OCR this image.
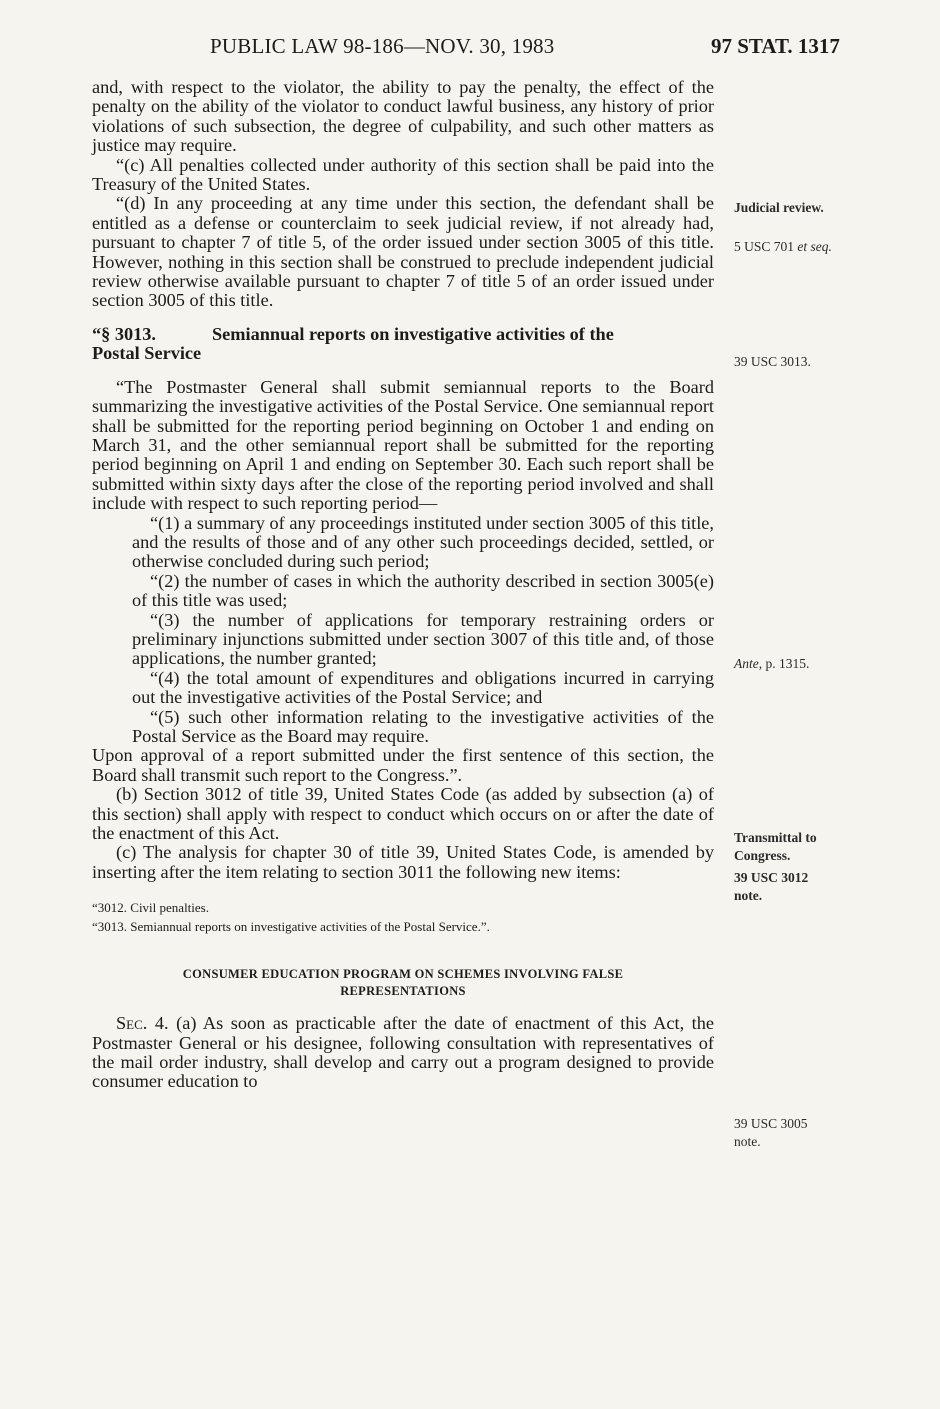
PUBLIC LAW 98-186—NOV. 30, 1983	97 STAT. 1317

and, with respect to the violator, the ability to pay the penalty, the effect of the penalty on the ability of the violator to conduct lawful business, any history of prior violations of such subsection, the degree of culpability, and such other matters as justice may require.

“(c) All penalties collected under authority of this section shall be paid into the Treasury of the United States.

“(d) In any proceeding at any time under this section, the defendant shall be entitled as a defense or counterclaim to seek judicial review, if not already had, pursuant to chapter 7 of title 5, of the order issued under section 3005 of this title. However, nothing in this section shall be construed to preclude independent judicial review otherwise available pursuant to chapter 7 of title 5 of an order issued under section 3005 of this title.

“§ 3013.	Semiannual reports on investigative activities of the
Postal Service

“The Postmaster General shall submit semiannual reports to the Board summarizing the investigative activities of the Postal Service. One semiannual report shall be submitted for the reporting period beginning on October 1 and ending on March 31, and the other semiannual report shall be submitted for the reporting period beginning on April 1 and ending on September 30. Each such report shall be submitted within sixty days after the close of the reporting period involved and shall include with respect to such reporting period—

“(1) a summary of any proceedings instituted under section 3005 of this title, and the results of those and of any other such proceedings decided, settled, or otherwise concluded during such period;

“(2) the number of cases in which the authority described in section 3005(e) of this title was used;

“(3) the number of applications for temporary restraining orders or preliminary injunctions submitted under section 3007 of this title and, of those applications, the number granted;

“(4) the total amount of expenditures and obligations incurred in carrying out the investigative activities of the Postal Service; and

“(5) such other information relating to the investigative activities of the Postal Service as the Board may require.

Upon approval of a report submitted under the first sentence of this section, the Board shall transmit such report to the Congress.”.

(b) Section 3012 of title 39, United States Code (as added by subsection (a) of this section) shall apply with respect to conduct which occurs on or after the date of the enactment of this Act.

(c) The analysis for chapter 30 of title 39, United States Code, is amended by inserting after the item relating to section 3011 the following new items:

“3012. Civil penalties.
“3013. Semiannual reports on investigative activities of the Postal Service.”.
CONSUMER EDUCATION PROGRAM ON SCHEMES INVOLVING FALSE
REPRESENTATIONS

Sec. 4. (a) As soon as practicable after the date of enactment of this Act, the Postmaster General or his designee, following consultation with representatives of the mail order industry, shall develop and carry out a program designed to provide consumer education to

Judicial review.
5 USC 701 et seq.
39 USC 3013.
Ante, p. 1315.
Transmittal to
Congress.
39 USC 3012
note.
39 USC 3005
note.
